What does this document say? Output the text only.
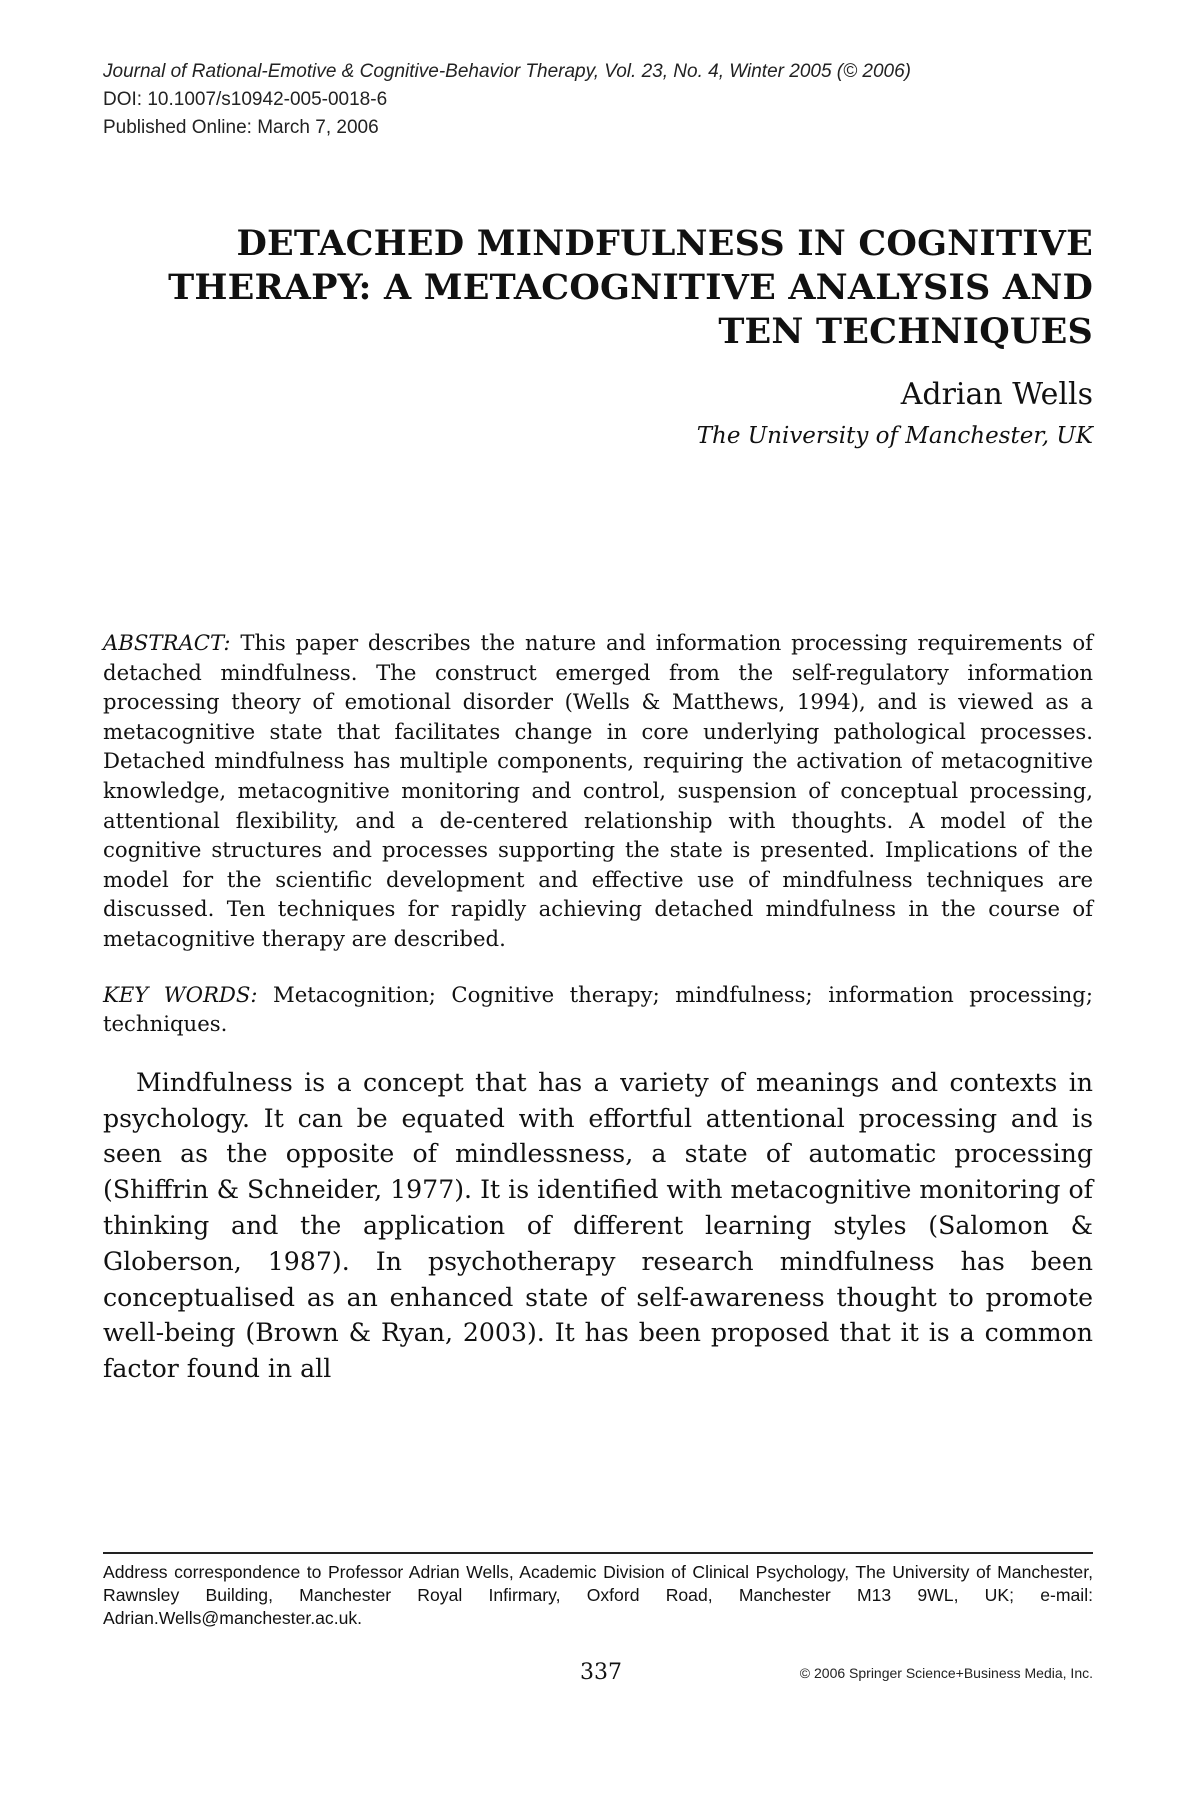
Journal of Rational-Emotive & Cognitive-Behavior Therapy, Vol. 23, No. 4, Winter 2005 (© 2006)
DOI: 10.1007/s10942-005-0018-6
Published Online: March 7, 2006
DETACHED MINDFULNESS IN COGNITIVE
THERAPY: A METACOGNITIVE ANALYSIS AND
TEN TECHNIQUES
Adrian Wells
The University of Manchester, UK
ABSTRACT: This paper describes the nature and information processing requirements of detached mindfulness. The construct emerged from the self-regulatory information processing theory of emotional disorder (Wells & Matthews, 1994), and is viewed as a metacognitive state that facilitates change in core underlying pathological processes. Detached mindfulness has multiple components, requiring the activation of metacognitive knowledge, metacognitive monitoring and control, suspension of conceptual processing, attentional flexibility, and a de-centered relationship with thoughts. A model of the cognitive structures and processes supporting the state is presented. Implications of the model for the scientific development and effective use of mindfulness techniques are discussed. Ten techniques for rapidly achieving detached mindfulness in the course of metacognitive therapy are described.
KEY WORDS: Metacognition; Cognitive therapy; mindfulness; information processing; techniques.
Mindfulness is a concept that has a variety of meanings and contexts in psychology. It can be equated with effortful attentional processing and is seen as the opposite of mindlessness, a state of automatic processing (Shiffrin & Schneider, 1977). It is identified with metacognitive monitoring of thinking and the application of different learning styles (Salomon & Globerson, 1987). In psychotherapy research mindfulness has been conceptualised as an enhanced state of self-awareness thought to promote well-being (Brown & Ryan, 2003). It has been proposed that it is a common factor found in all
Address correspondence to Professor Adrian Wells, Academic Division of Clinical Psychology, The University of Manchester, Rawnsley Building, Manchester Royal Infirmary, Oxford Road, Manchester M13 9WL, UK; e-mail: Adrian.Wells@manchester.ac.uk.
337	© 2006 Springer Science+Business Media, Inc.
